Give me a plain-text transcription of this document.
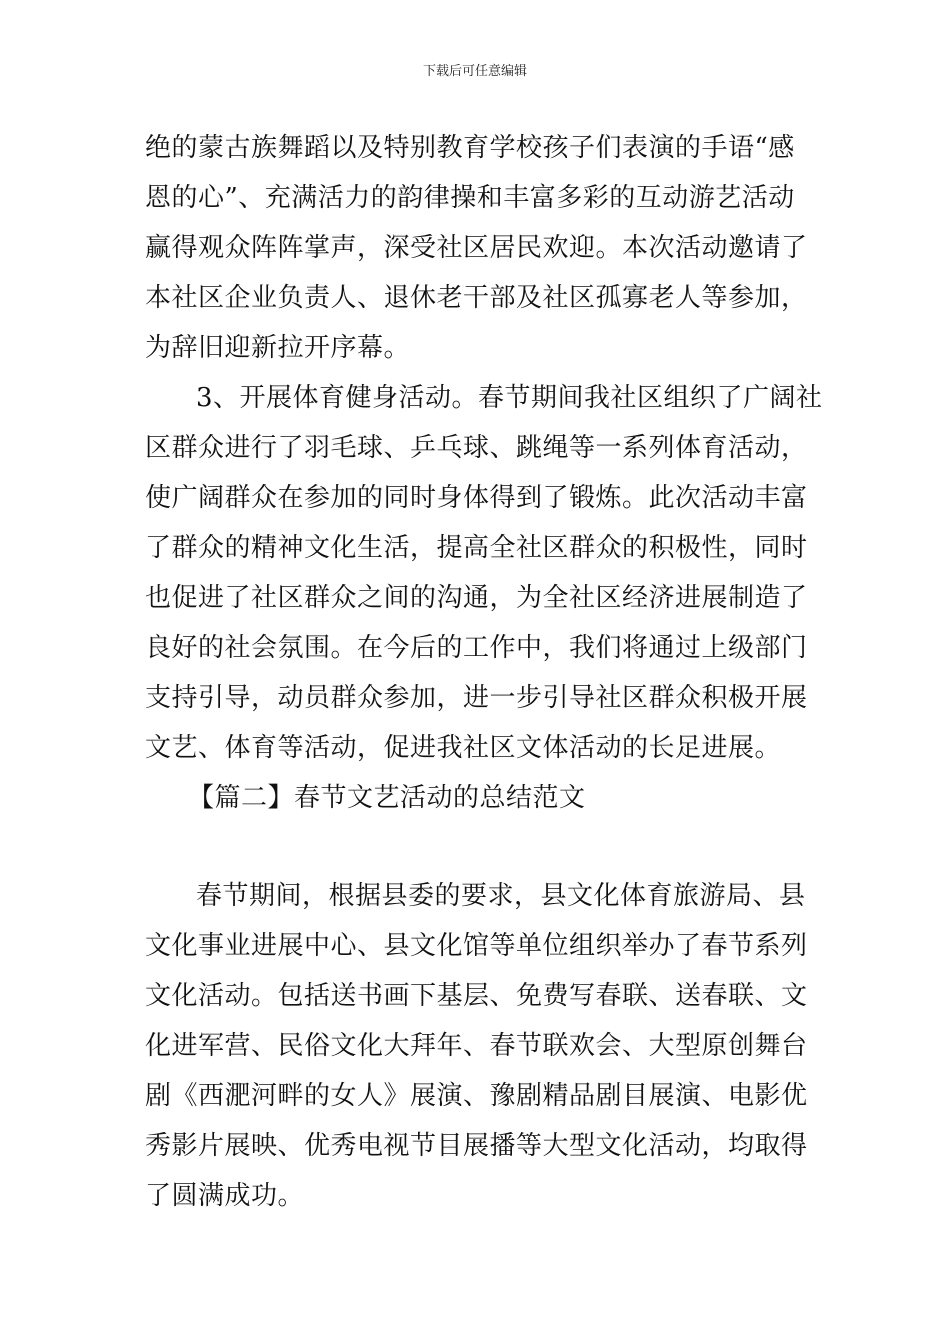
下载后可任意编辑
绝的蒙古族舞蹈以及特别教育学校孩子们表演的手语“感
恩的心”、充满活力的韵律操和丰富多彩的互动游艺活动
赢得观众阵阵掌声，深受社区居民欢迎。本次活动邀请了
本社区企业负责人、退休老干部及社区孤寡老人等参加，
为辞旧迎新拉开序幕。
3、开展体育健身活动。春节期间我社区组织了广阔社
区群众进行了羽毛球、乒乓球、跳绳等一系列体育活动，
使广阔群众在参加的同时身体得到了锻炼。此次活动丰富
了群众的精神文化生活，提高全社区群众的积极性，同时
也促进了社区群众之间的沟通，为全社区经济进展制造了
良好的社会氛围。在今后的工作中，我们将通过上级部门
支持引导，动员群众参加，进一步引导社区群众积极开展
文艺、体育等活动，促进我社区文体活动的长足进展。
【篇二】春节文艺活动的总结范文
春节期间，根据县委的要求，县文化体育旅游局、县
文化事业进展中心、县文化馆等单位组织举办了春节系列
文化活动。包括送书画下基层、免费写春联、送春联、文
化进军营、民俗文化大拜年、春节联欢会、大型原创舞台
剧《西淝河畔的女人》展演、豫剧精品剧目展演、电影优
秀影片展映、优秀电视节目展播等大型文化活动，均取得
了圆满成功。
